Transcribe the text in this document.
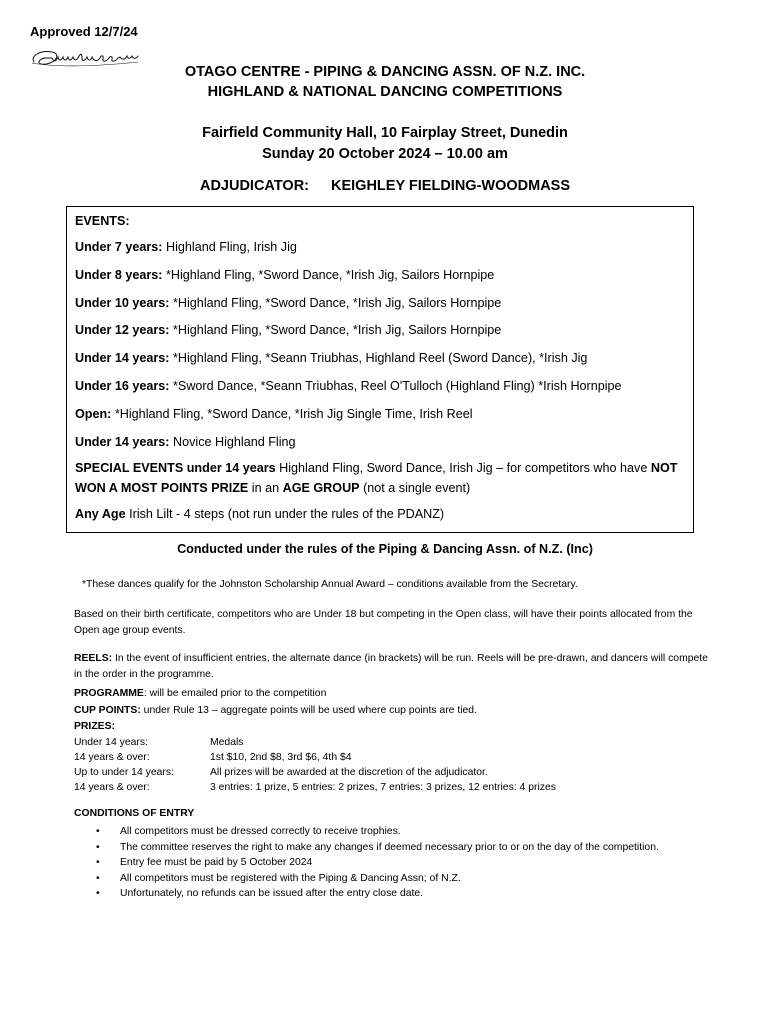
Approved 12/7/24
OTAGO CENTRE - PIPING & DANCING ASSN. OF N.Z. INC.
HIGHLAND & NATIONAL DANCING COMPETITIONS
Fairfield Community Hall, 10 Fairplay Street, Dunedin
Sunday 20 October 2024 – 10.00 am
ADJUDICATOR: KEIGHLEY FIELDING-WOODMASS
EVENTS:
Under 7 years: Highland Fling, Irish Jig
Under 8 years: *Highland Fling, *Sword Dance, *Irish Jig, Sailors Hornpipe
Under 10 years: *Highland Fling, *Sword Dance, *Irish Jig, Sailors Hornpipe
Under 12 years: *Highland Fling, *Sword Dance, *Irish Jig, Sailors Hornpipe
Under 14 years: *Highland Fling, *Seann Triubhas, Highland Reel (Sword Dance), *Irish Jig
Under 16 years: *Sword Dance, *Seann Triubhas, Reel O'Tulloch (Highland Fling) *Irish Hornpipe
Open: *Highland Fling, *Sword Dance, *Irish Jig Single Time, Irish Reel
Under 14 years: Novice Highland Fling
SPECIAL EVENTS under 14 years Highland Fling, Sword Dance, Irish Jig – for competitors who have NOT WON A MOST POINTS PRIZE in an AGE GROUP (not a single event)
Any Age Irish Lilt - 4 steps (not run under the rules of the PDANZ)
Conducted under the rules of the Piping & Dancing Assn. of N.Z. (Inc)
*These dances qualify for the Johnston Scholarship Annual Award – conditions available from the Secretary.
Based on their birth certificate, competitors who are Under 18 but competing in the Open class, will have their points allocated from the Open age group events.
REELS: In the event of insufficient entries, the alternate dance (in brackets) will be run. Reels will be pre-drawn, and dancers will compete in the order in the programme.
PROGRAMME: will be emailed prior to the competition
CUP POINTS: under Rule 13 – aggregate points will be used where cup points are tied.
PRIZES:
Under 14 years:	Medals
14 years & over:	1st $10, 2nd $8, 3rd $6, 4th $4
Up to under 14 years:	All prizes will be awarded at the discretion of the adjudicator.
14 years & over:	3 entries: 1 prize, 5 entries: 2 prizes, 7 entries: 3 prizes, 12 entries: 4 prizes
CONDITIONS OF ENTRY
• All competitors must be dressed correctly to receive trophies.
• The committee reserves the right to make any changes if deemed necessary prior to or on the day of the competition.
• Entry fee must be paid by 5 October 2024
• All competitors must be registered with the Piping & Dancing Assn; of N.Z.
• Unfortunately, no refunds can be issued after the entry close date.
